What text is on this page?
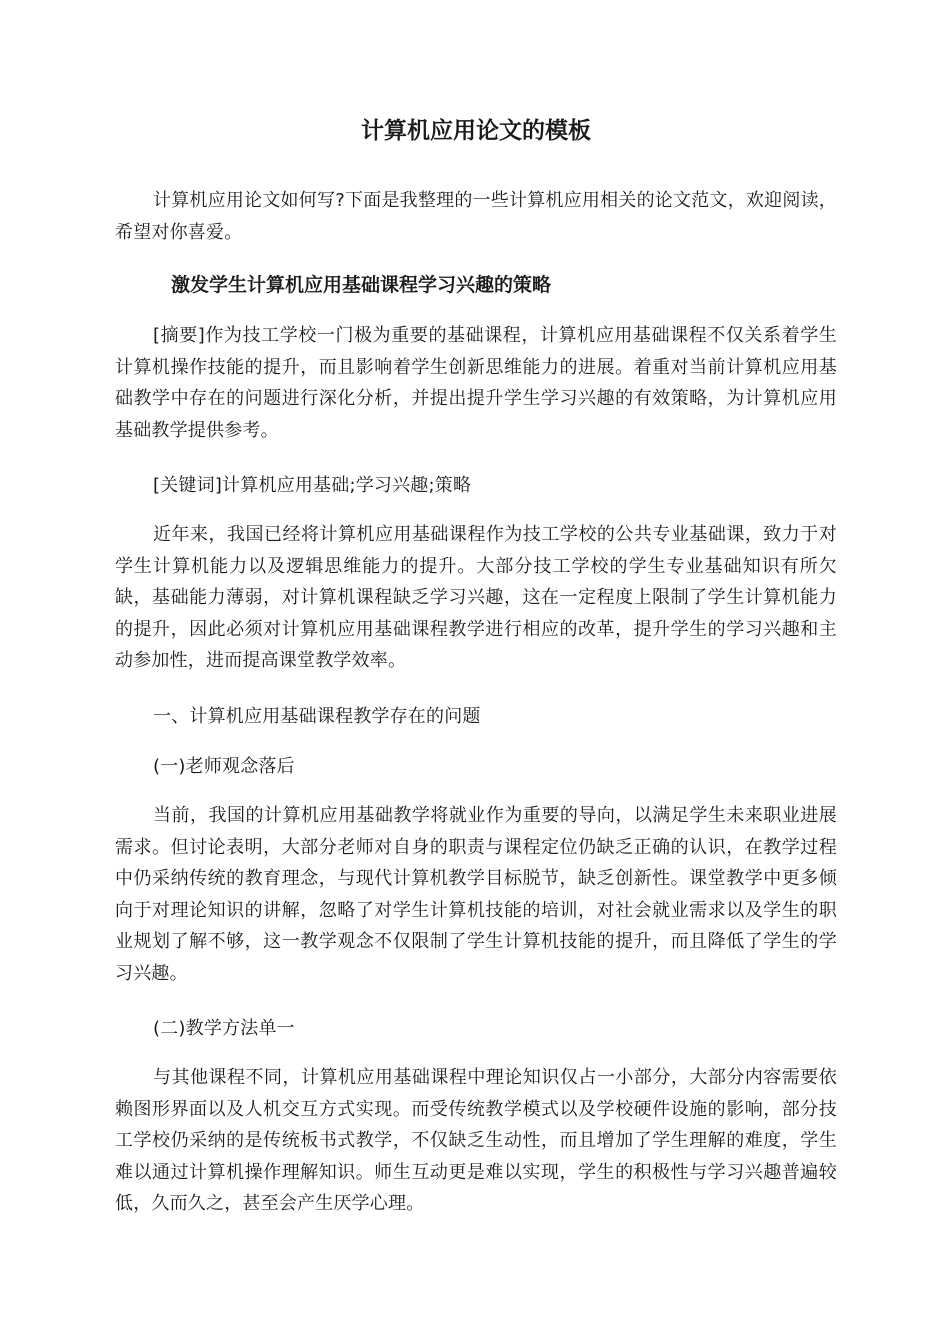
计算机应用论文的模板

计算机应用论文如何写?下面是我整理的一些计算机应用相关的论文范文，欢迎阅读，希望对你喜爱。

激发学生计算机应用基础课程学习兴趣的策略

[摘要]作为技工学校一门极为重要的基础课程，计算机应用基础课程不仅关系着学生计算机操作技能的提升，而且影响着学生创新思维能力的进展。着重对当前计算机应用基础教学中存在的问题进行深化分析，并提出提升学生学习兴趣的有效策略，为计算机应用基础教学提供参考。

[关键词]计算机应用基础;学习兴趣;策略

近年来，我国已经将计算机应用基础课程作为技工学校的公共专业基础课，致力于对学生计算机能力以及逻辑思维能力的提升。大部分技工学校的学生专业基础知识有所欠缺，基础能力薄弱，对计算机课程缺乏学习兴趣，这在一定程度上限制了学生计算机能力的提升，因此必须对计算机应用基础课程教学进行相应的改革，提升学生的学习兴趣和主动参加性，进而提高课堂教学效率。

一、计算机应用基础课程教学存在的问题

(一)老师观念落后

当前，我国的计算机应用基础教学将就业作为重要的导向，以满足学生未来职业进展需求。但讨论表明，大部分老师对自身的职责与课程定位仍缺乏正确的认识，在教学过程中仍采纳传统的教育理念，与现代计算机教学目标脱节，缺乏创新性。课堂教学中更多倾向于对理论知识的讲解，忽略了对学生计算机技能的培训，对社会就业需求以及学生的职业规划了解不够，这一教学观念不仅限制了学生计算机技能的提升，而且降低了学生的学习兴趣。

(二)教学方法单一

与其他课程不同，计算机应用基础课程中理论知识仅占一小部分，大部分内容需要依赖图形界面以及人机交互方式实现。而受传统教学模式以及学校硬件设施的影响，部分技工学校仍采纳的是传统板书式教学，不仅缺乏生动性，而且增加了学生理解的难度，学生难以通过计算机操作理解知识。师生互动更是难以实现，学生的积极性与学习兴趣普遍较低，久而久之，甚至会产生厌学心理。
